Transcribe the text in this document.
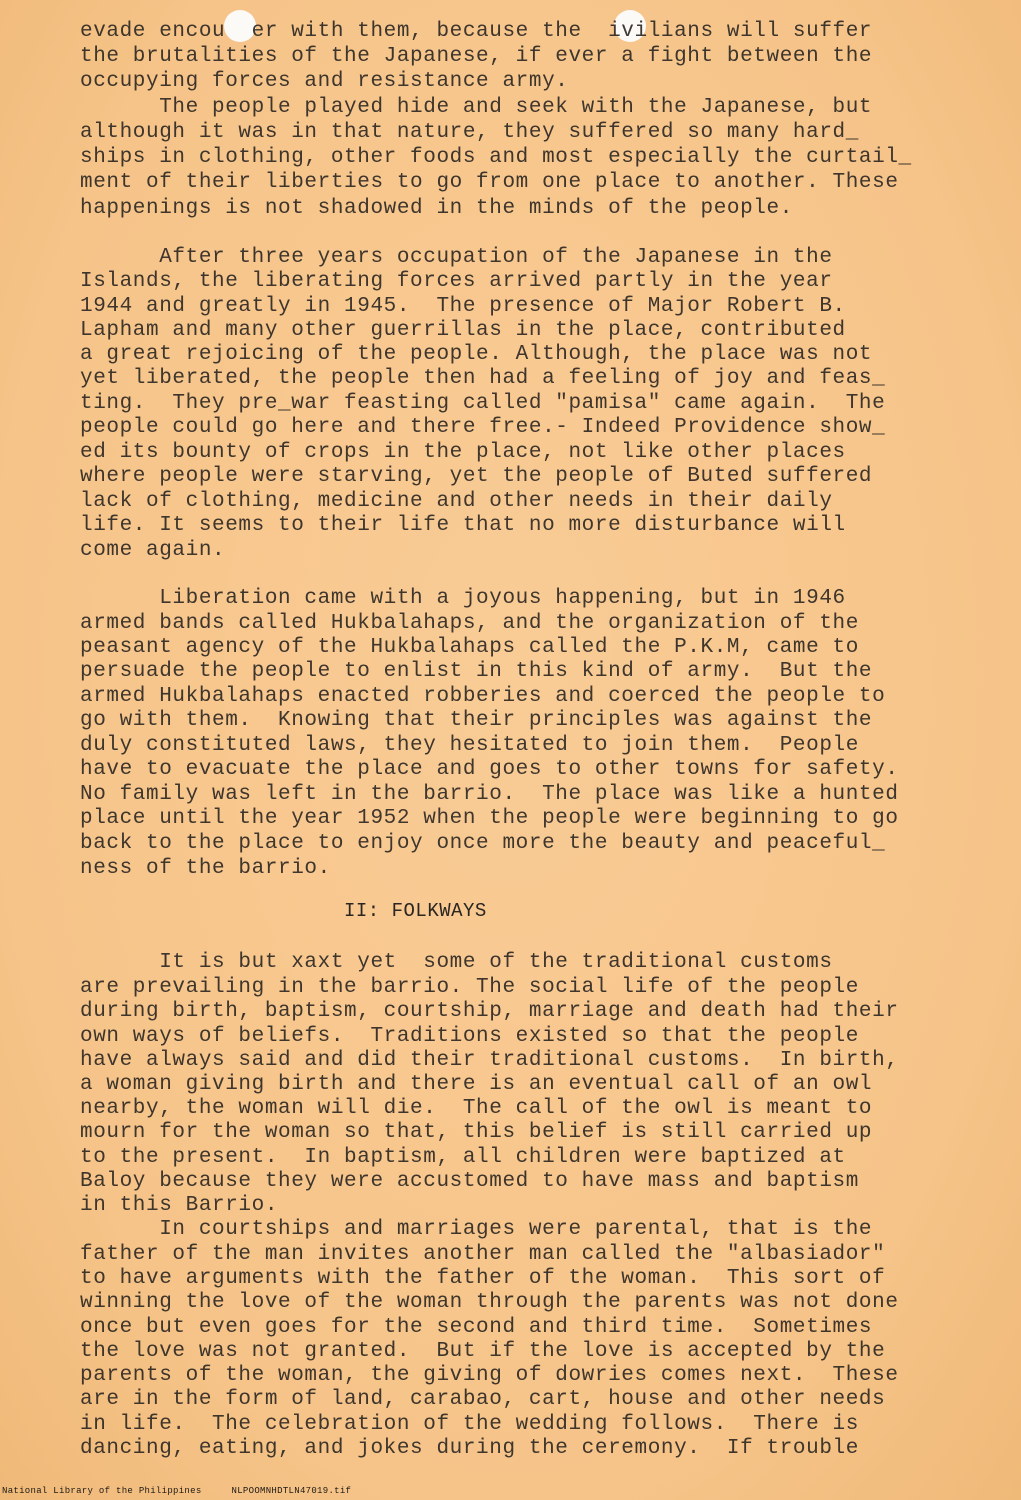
evade encou  er with them, because the  ivilians will suffer
the brutalities of the Japanese, if ever a fight between the
occupying forces and resistance army.
The people played hide and seek with the Japanese, but
although it was in that nature, they suffered so many hard_
ships in clothing, other foods and most especially the curtail_
ment of their liberties to go from one place to another. These
happenings is not shadowed in the minds of the people.
After three years occupation of the Japanese in the
Islands, the liberating forces arrived partly in the year
1944 and greatly in 1945.  The presence of Major Robert B.
Lapham and many other guerrillas in the place, contributed
a great rejoicing of the people. Although, the place was not
yet liberated, the people then had a feeling of joy and feas_
ting.  They pre_war feasting called "pamisa" came again.  The
people could go here and there free.- Indeed Providence show_
ed its bounty of crops in the place, not like other places
where people were starving, yet the people of Buted suffered
lack of clothing, medicine and other needs in their daily
life. It seems to their life that no more disturbance will
come again.
Liberation came with a joyous happening, but in 1946
armed bands called Hukbalahaps, and the organization of the
peasant agency of the Hukbalahaps called the P.K.M, came to
persuade the people to enlist in this kind of army.  But the
armed Hukbalahaps enacted robberies and coerced the people to
go with them.  Knowing that their principles was against the
duly constituted laws, they hesitated to join them.  People
have to evacuate the place and goes to other towns for safety.
No family was left in the barrio.  The place was like a hunted
place until the year 1952 when the people were beginning to go
back to the place to enjoy once more the beauty and peaceful_
ness of the barrio.
II: FOLKWAYS
It is but xaxt yet  some of the traditional customs
are prevailing in the barrio. The social life of the people
during birth, baptism, courtship, marriage and death had their
own ways of beliefs.  Traditions existed so that the people
have always said and did their traditional customs.  In birth,
a woman giving birth and there is an eventual call of an owl
nearby, the woman will die.  The call of the owl is meant to
mourn for the woman so that, this belief is still carried up
to the present.  In baptism, all children were baptized at
Baloy because they were accustomed to have mass and baptism
in this Barrio.
In courtships and marriages were parental, that is the
father of the man invites another man called the "albasiador"
to have arguments with the father of the woman.  This sort of
winning the love of the woman through the parents was not done
once but even goes for the second and third time.  Sometimes
the love was not granted.  But if the love is accepted by the
parents of the woman, the giving of dowries comes next.  These
are in the form of land, carabao, cart, house and other needs
in life.  The celebration of the wedding follows.  There is
dancing, eating, and jokes during the ceremony.  If trouble
National Library of the Philippines	NLPOOMNHDTLN47019.tif
